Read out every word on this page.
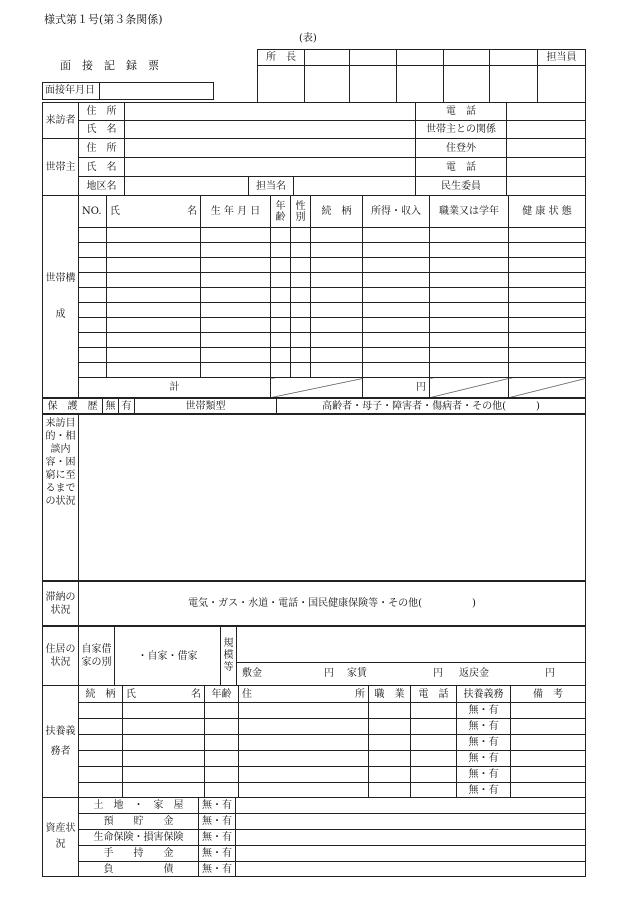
様式第１号(第３条関係)
(表)
面　接　記　録　票
面接年月日
所　長						担当員

来訪者	住　所				電　話	
	氏　名				世帯主との関係	
世帯主	住　所				住登外	
	氏　名				電　話	
	地区名		担当名		民生委員	
世帯構成	NO.	氏	名	生 年 月 日	年齢	性別	続　柄	所得・収入	職業又は学年	健 康 状 態

	計							円		
保　護　歴	無	有	世帯類型	高齢者・母子・障害者・傷病者・その他(　　　)
来訪目的・相談内容・困窮に至るまでの状況	
滞納の状況	電気・ガス・水道・電話・国民健康保険等・その他(　　　　　)
住居の状況	自家借家の別	・自家・借家	規模等	

敷金	円 家賃	円 返戻金	円
扶養義務者	続　柄	氏	名	年齢	住	所	職　業	電　話	扶養義務	備　考
									無・有	
									無・有	
									無・有	
									無・有	
									無・有	
									無・有	
資産状況	土　地　・　家　屋	無・有	
	預　　貯　　金	無・有	
	生命保険・損害保険	無・有	
	手　　持　　金	無・有	
	負　　　　　債	無・有	
